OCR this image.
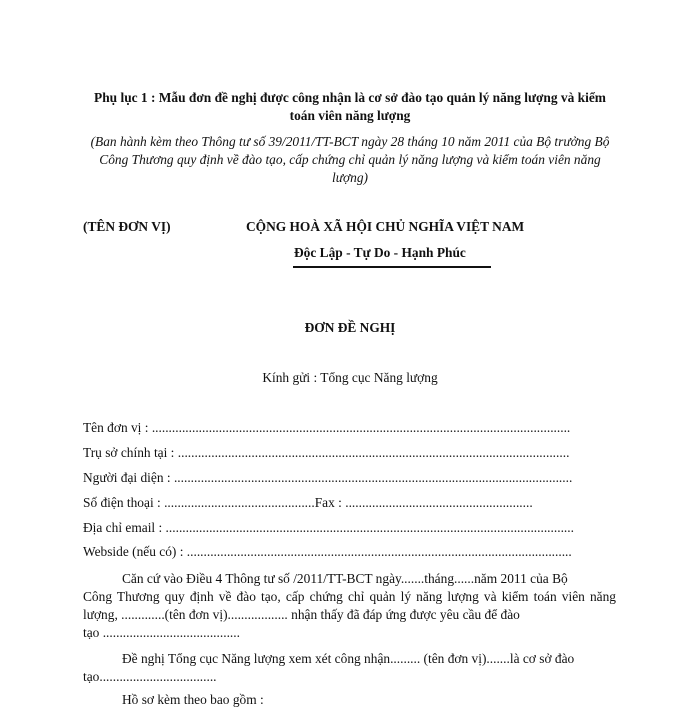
Phụ lục 1 : Mẫu đơn đề nghị được công nhận là cơ sở đào tạo quản lý năng lượng và kiểm
toán viên năng lượng
(Ban hành kèm theo Thông tư số 39/2011/TT-BCT ngày 28 tháng 10 năm 2011 của Bộ trưởng Bộ
Công Thương quy định về đào tạo, cấp chứng chỉ quản lý năng lượng và kiểm toán viên năng
lượng)
(TÊN ĐƠN VỊ)	CỘNG HOÀ XÃ HỘI CHỦ NGHĨA VIỆT NAM
Độc Lập - Tự Do - Hạnh Phúc
ĐƠN ĐỀ NGHỊ
Kính gửi : Tổng cục Năng lượng
Tên đơn vị : .............................................................................................................................
Trụ sở chính tại : .....................................................................................................................
Người đại diện : .......................................................................................................................
Số điện thoại : .............................................Fax : ........................................................
Địa chỉ email : ..........................................................................................................................
Webside (nếu có) : ...................................................................................................................
Căn cứ vào Điều 4 Thông tư số /2011/TT-BCT ngày.......tháng......năm 2011 của Bộ
Công Thương quy định về đào tạo, cấp chứng chỉ quản lý năng lượng và kiểm toán viên năng
lượng, .............(tên đơn vị).................. nhận thấy đã đáp ứng được yêu cầu để đào
tạo .........................................
Đề nghị Tổng cục Năng lượng xem xét công nhận......... (tên đơn vị).......là cơ sở đào
tạo...................................
Hồ sơ kèm theo bao gồm :
